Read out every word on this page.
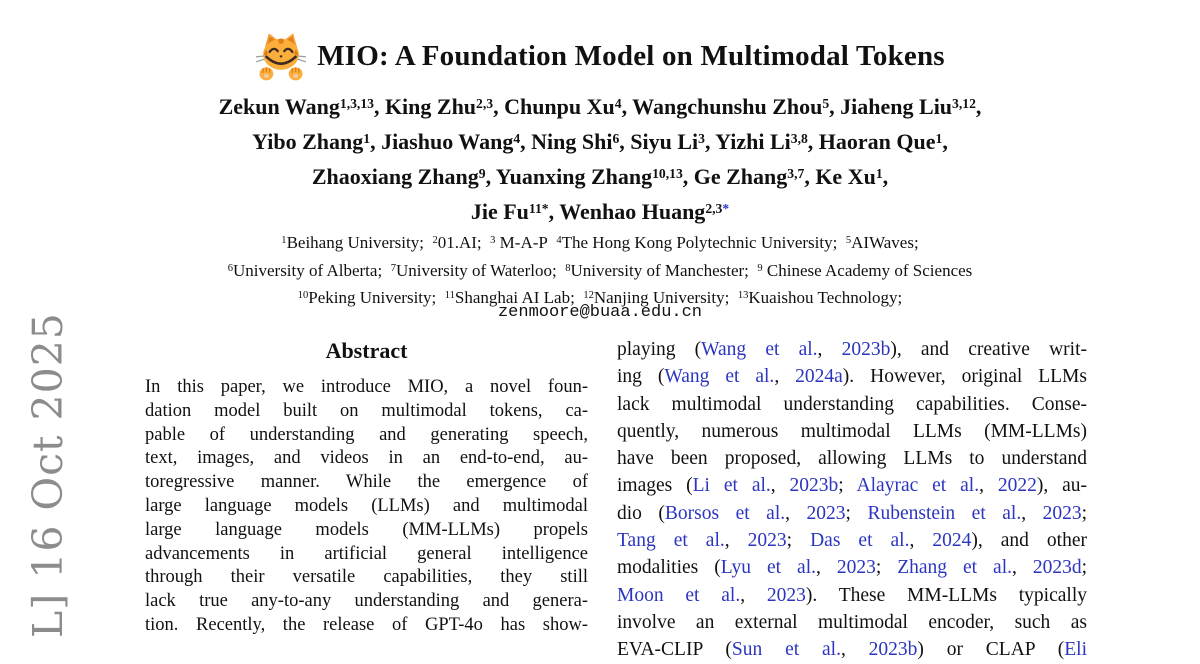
L] 16 Oct 2025
MIO: A Foundation Model on Multimodal Tokens
Zekun Wang$^{1,3,13}$, King Zhu$^{2,3}$, Chunpu Xu$^4$, Wangchunshu Zhou$^5$, Jiaheng Liu$^{3,12}$,
Yibo Zhang$^1$, Jiashuo Wang$^4$, Ning Shi$^6$, Siyu Li$^3$, Yizhi Li$^{3,8}$, Haoran Que$^1$,
Zhaoxiang Zhang$^9$, Yuanxing Zhang$^{10,13}$, Ge Zhang$^{3,7}$, Ke Xu$^1$,
Jie $Fu^{11*}$, Wenhao Huang$^{2,3*}$
$^1$Beihang University; $^2$01.AI; $^3$ M-A-P $^4$The Hong Kong Polytechnic University; $^5$AIWaves;
$^6$University of Alberta; $^7$University of Waterloo; $^8$University of Manchester; $^9$ Chinese Academy of Sciences
$^{10}$Peking University; $^{11}$Shanghai AI Lab; $^{12}$Nanjing University; $^{13}$Kuaishou Technology;
zenmoore@buaa.edu.cn
Abstract
In this paper, we introduce MIO, a novel foun-
dation model built on multimodal tokens, ca-
pable of understanding and generating speech,
text, images, and videos in an end-to-end, au-
toregressive manner. While the emergence of
large language models (LLMs) and multimodal
large language models (MM-LLMs) propels
advancements in artificial general intelligence
through their versatile capabilities, they still
lack true any-to-any understanding and genera-
tion. Recently, the release of GPT-4o has show-
playing (Wang et al., 2023b), and creative writ-
ing (Wang et al., 2024a). However, original LLMs
lack multimodal understanding capabilities. Conse-
quently, numerous multimodal LLMs (MM-LLMs)
have been proposed, allowing LLMs to understand
images (Li et al., 2023b; Alayrac et al., 2022), au-
dio (Borsos et al., 2023; Rubenstein et al., 2023;
Tang et al., 2023; Das et al., 2024), and other
modalities (Lyu et al., 2023; Zhang et al., 2023d;
Moon et al., 2023). These MM-LLMs typically
involve an external multimodal encoder, such as
EVA-CLIP (Sun et al., 2023b) or CLAP (Eli
